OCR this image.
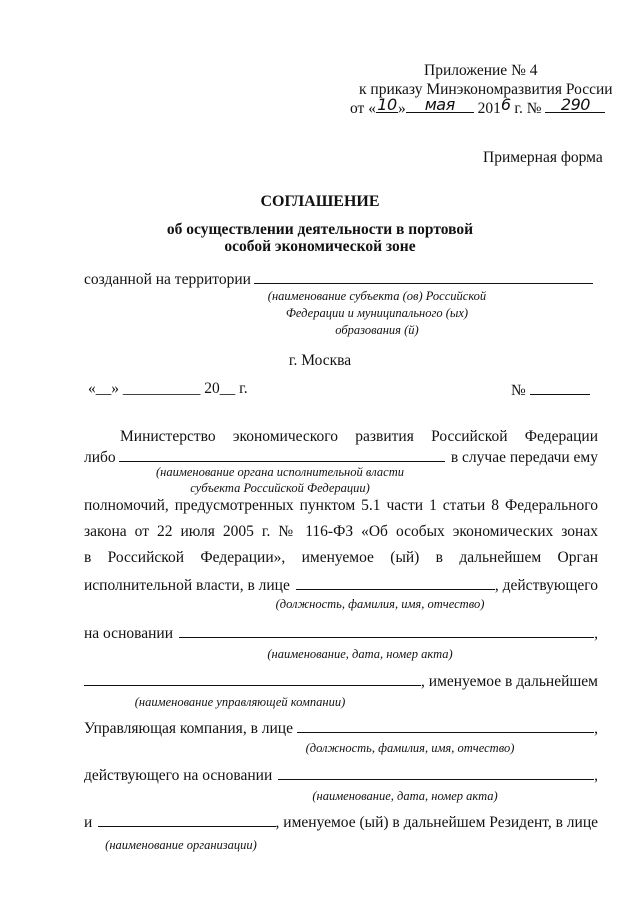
Приложение № 4
к приказу Минэкономразвития России
от «10» мая 2016 г. № 290
Примерная форма
СОГЛАШЕНИЕ
об осуществлении деятельности в портовой
особой экономической зоне
созданной на территории
(наименование субъекта (ов) Российской
Федерации и муниципального (ых)
образования (й)
г. Москва
«__» __________ 20__ г.	№
Министерство экономического развития Российской Федерации
либо	в случае передачи ему
(наименование органа исполнительной власти
субъекта Российской Федерации)
полномочий, предусмотренных пунктом 5.1 части 1 статьи 8 Федерального
закона от 22 июля 2005 г. № 116-ФЗ «Об особых экономических зонах
в Российской Федерации», именуемое (ый) в дальнейшем Орган
исполнительной власти, в лице	, действующего
(должность, фамилия, имя, отчество)
на основании	,
(наименование, дата, номер акта)
, именуемое в дальнейшем
(наименование управляющей компании)
Управляющая компания, в лице	,
(должность, фамилия, имя, отчество)
действующего на основании	,
(наименование, дата, номер акта)
и	, именуемое (ый) в дальнейшем Резидент, в лице
(наименование организации)
